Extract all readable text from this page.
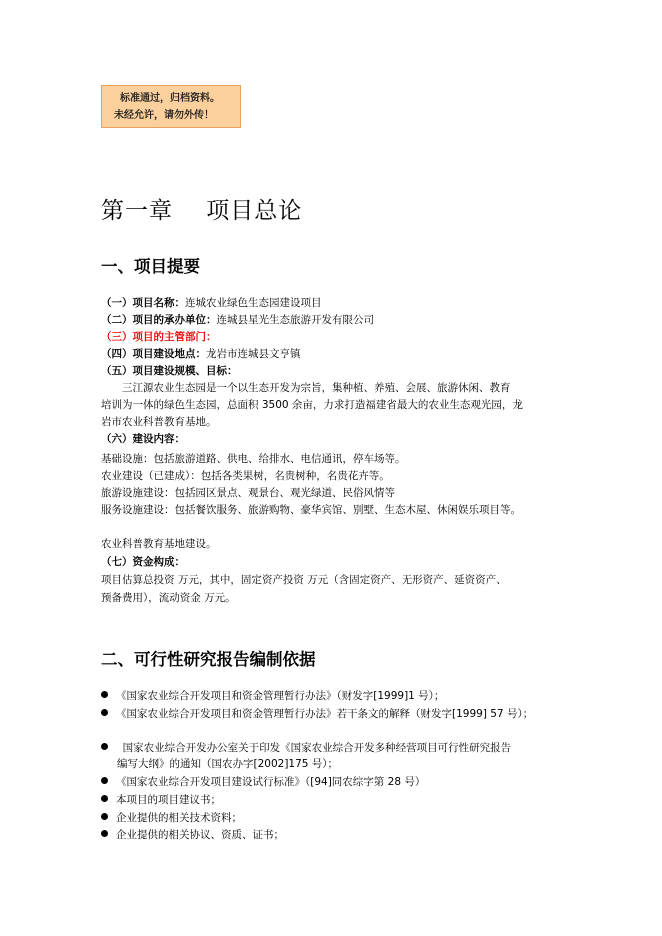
标准通过，归档资料。
未经允许，请勿外传！
第一章    项目总论
一、项目提要
（一）项目名称：连城农业绿色生态园建设项目
（二）项目的承办单位：连城县星光生态旅游开发有限公司
（三）项目的主管部门：
（四）项目建设地点：龙岩市连城县文亨镇
（五）项目建设规模、目标：
三江源农业生态园是一个以生态开发为宗旨，集种植、养殖、会展、旅游休闲、教育
培训为一体的绿色生态园，总面积 3500 余亩，力求打造福建省最大的农业生态观光园，龙
岩市农业科普教育基地。
（六）建设内容：
基础设施：包括旅游道路、供电、给排水、电信通讯，停车场等。
农业建设（已建成）：包括各类果树，名贵树种，名贵花卉等。
旅游设施建设：包括园区景点、观景台、观光绿道、民俗风情等
服务设施建设：包括餐饮服务、旅游购物、豪华宾馆、别墅、生态木屋、休闲娱乐项目等。
农业科普教育基地建设。
（七）资金构成：
项目估算总投资 万元，其中，固定资产投资 万元（含固定资产、无形资产、延资资产、
预备费用），流动资金 万元。
二、可行性研究报告编制依据
《国家农业综合开发项目和资金管理暂行办法》（财发字[1999]1 号）；
《国家农业综合开发项目和资金管理暂行办法》若干条文的解释（财发字[1999] 57 号）；
国家农业综合开发办公室关于印发《国家农业综合开发多种经营项目可行性研究报告
编写大纲》的通知（国农办字[2002]175 号）；
《国家农业综合开发项目建设试行标准》（[94]同农综字第 28 号）
本项目的项目建议书；
企业提供的相关技术资料；
企业提供的相关协议、资质、证书；
